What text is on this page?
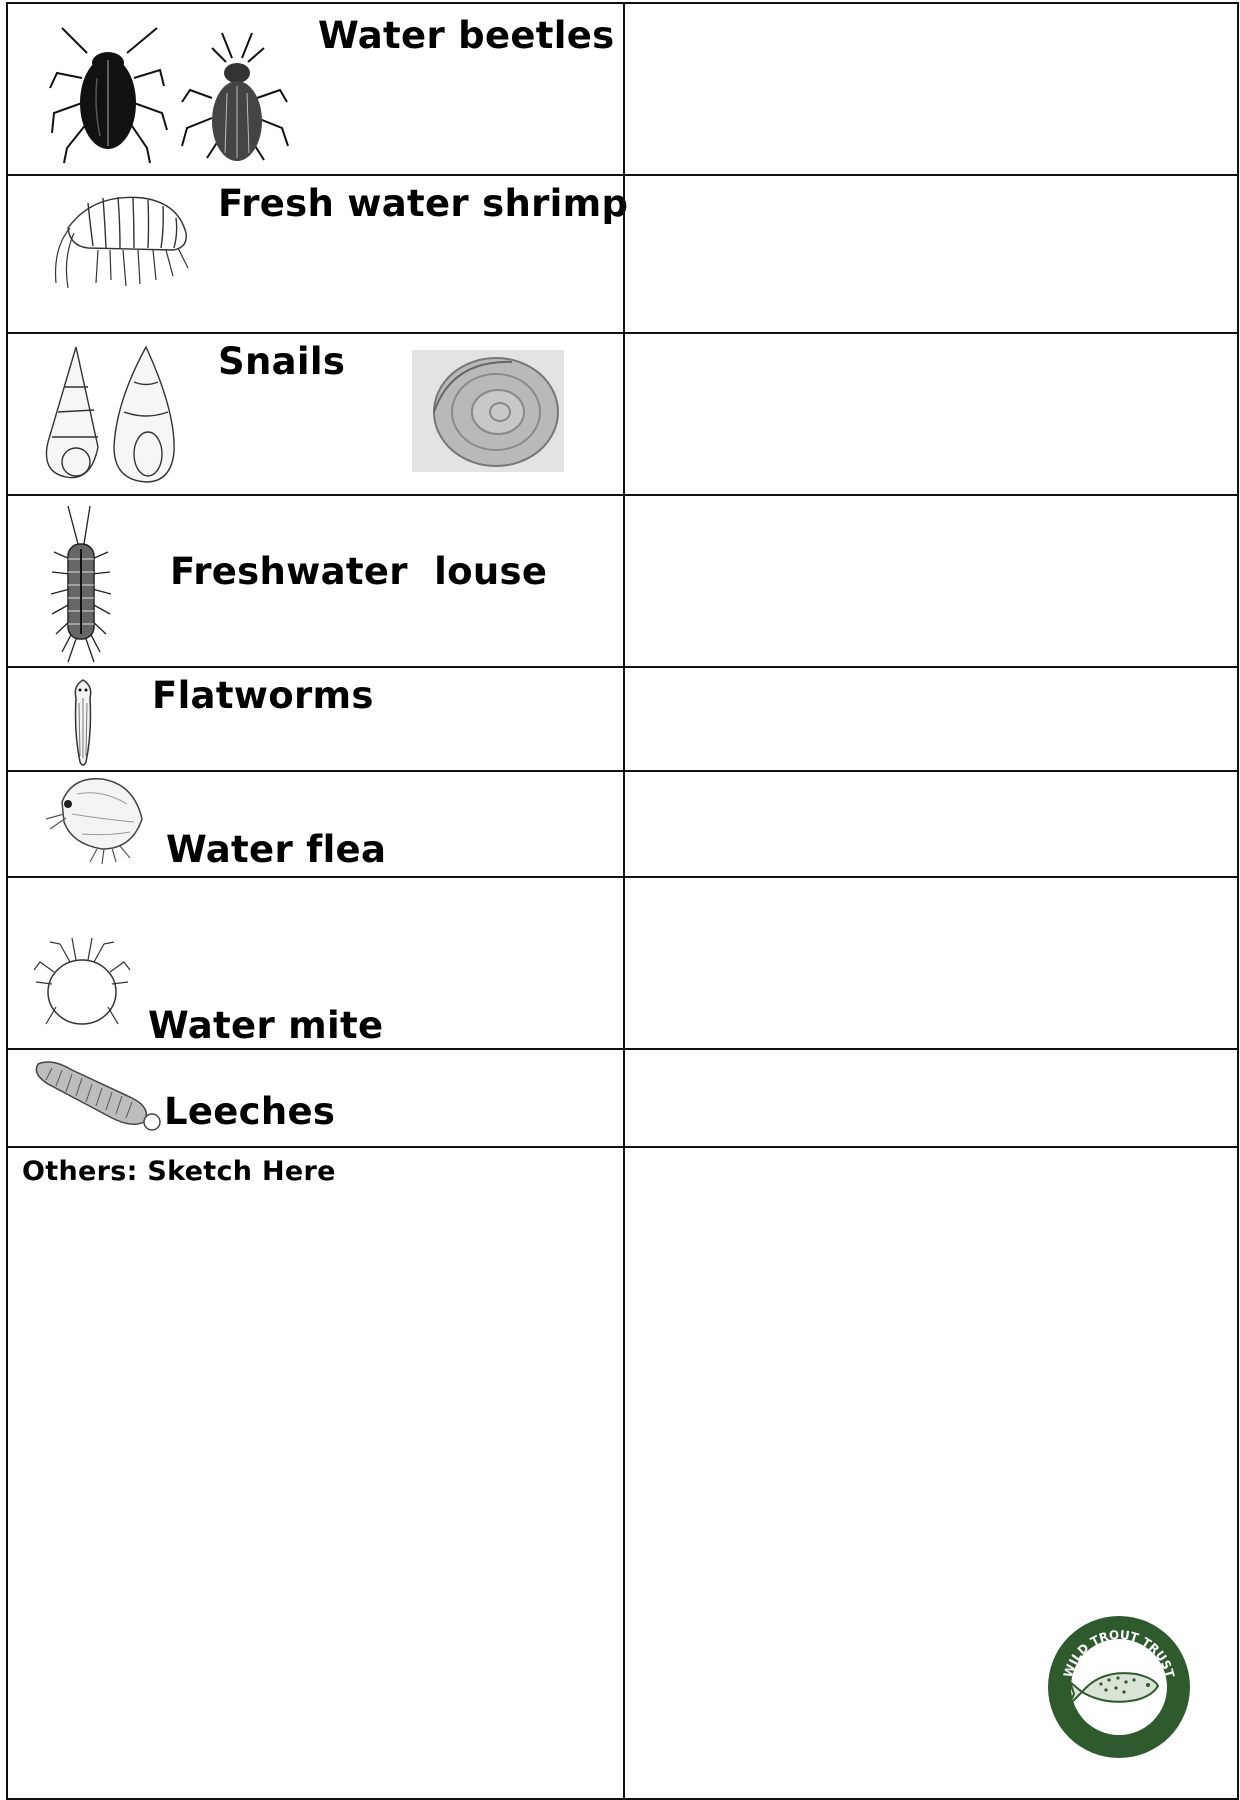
Water beetles
Fresh water shrimp
Snails
Freshwater  louse
Flatworms
Water flea
Water mite
Leeches
Others: Sketch Here
WILD TROUT TRUST
www.wildtrout.org
